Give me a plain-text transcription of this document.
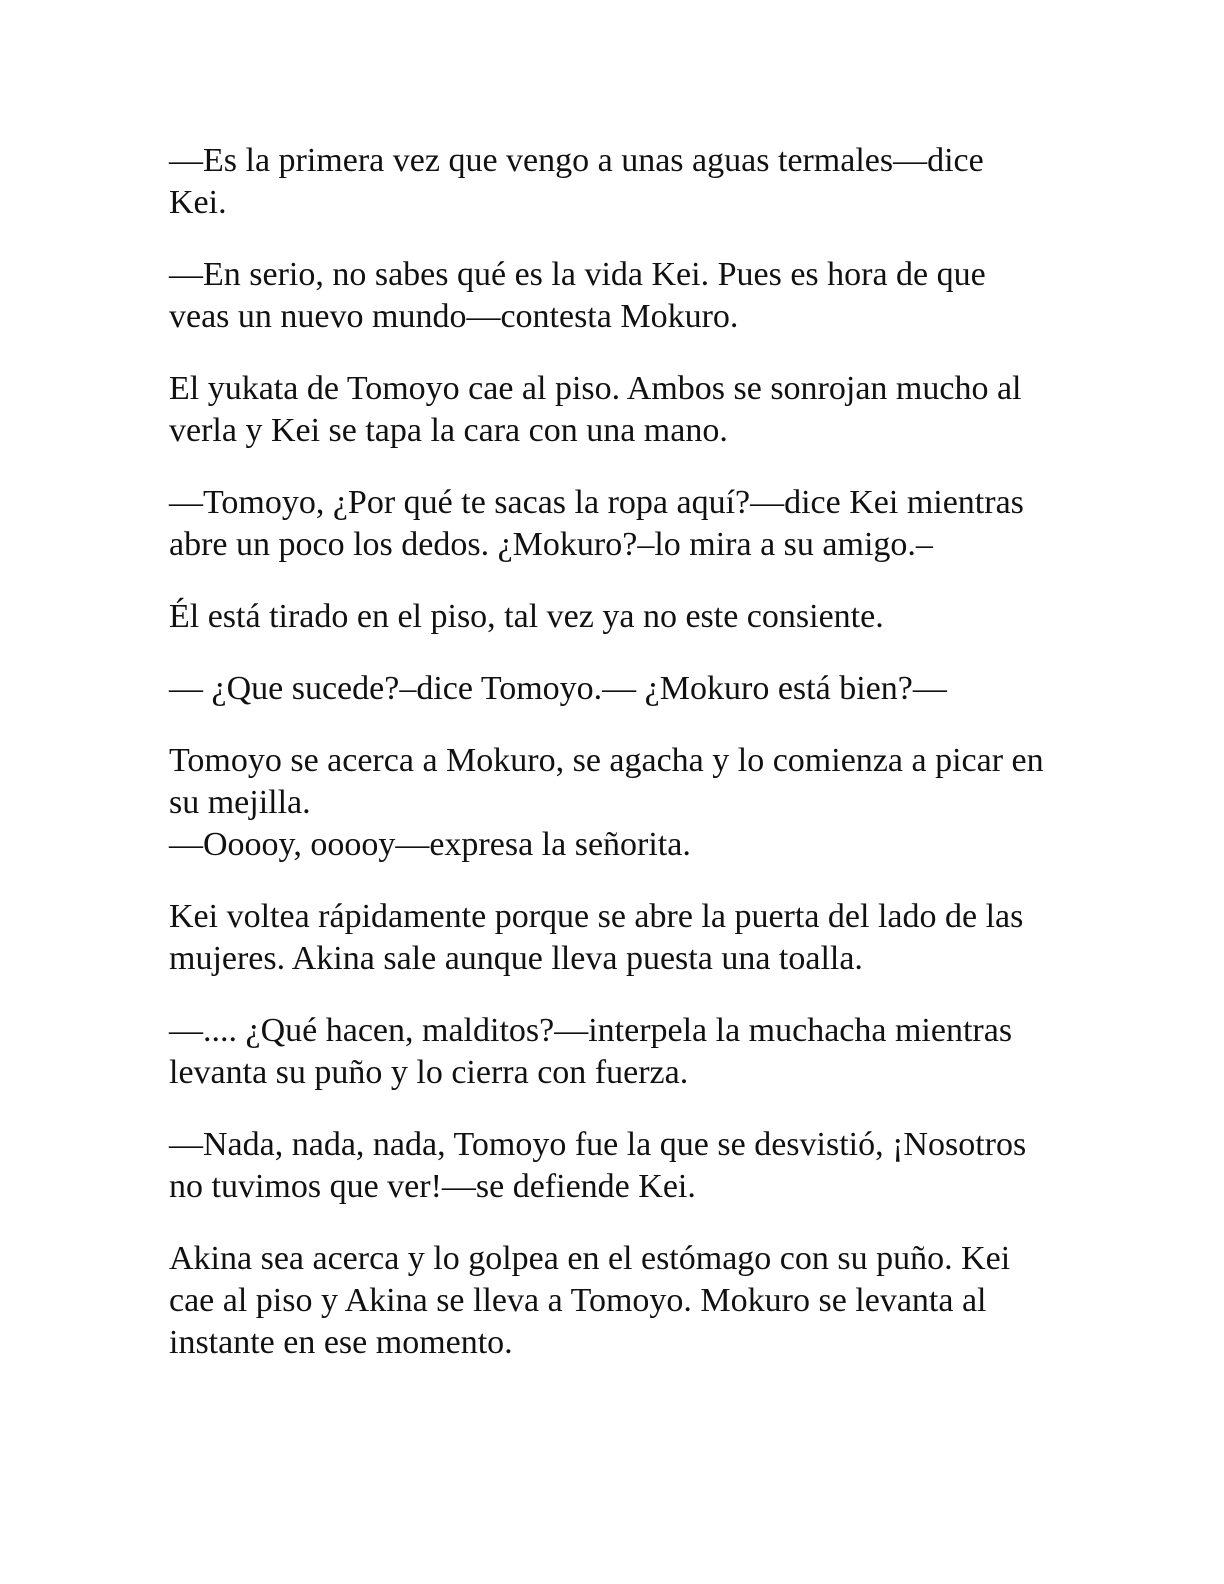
—Es la primera vez que vengo a unas aguas termales—dice Kei.

—En serio, no sabes qué es la vida Kei. Pues es hora de que veas un nuevo mundo—contesta Mokuro.

El yukata de Tomoyo cae al piso. Ambos se sonrojan mucho al verla y Kei se tapa la cara con una mano.

—Tomoyo, ¿Por qué te sacas la ropa aquí?—dice Kei mientras abre un poco los dedos. ¿Mokuro?–lo mira a su amigo.–

Él está tirado en el piso, tal vez ya no este consiente.

— ¿Que sucede?–dice Tomoyo.— ¿Mokuro está bien?—

Tomoyo se acerca a Mokuro, se agacha y lo comienza a picar en su mejilla.

—Ooooy, ooooy—expresa la señorita.

Kei voltea rápidamente porque se abre la puerta del lado de las mujeres. Akina sale aunque lleva puesta una toalla.

—.... ¿Qué hacen, malditos?—interpela la muchacha mientras levanta su puño y lo cierra con fuerza.

—Nada, nada, nada, Tomoyo fue la que se desvistió, ¡Nosotros no tuvimos que ver!—se defiende Kei.

Akina sea acerca y lo golpea en el estómago con su puño. Kei cae al piso y Akina se lleva a Tomoyo. Mokuro se levanta al instante en ese momento.
